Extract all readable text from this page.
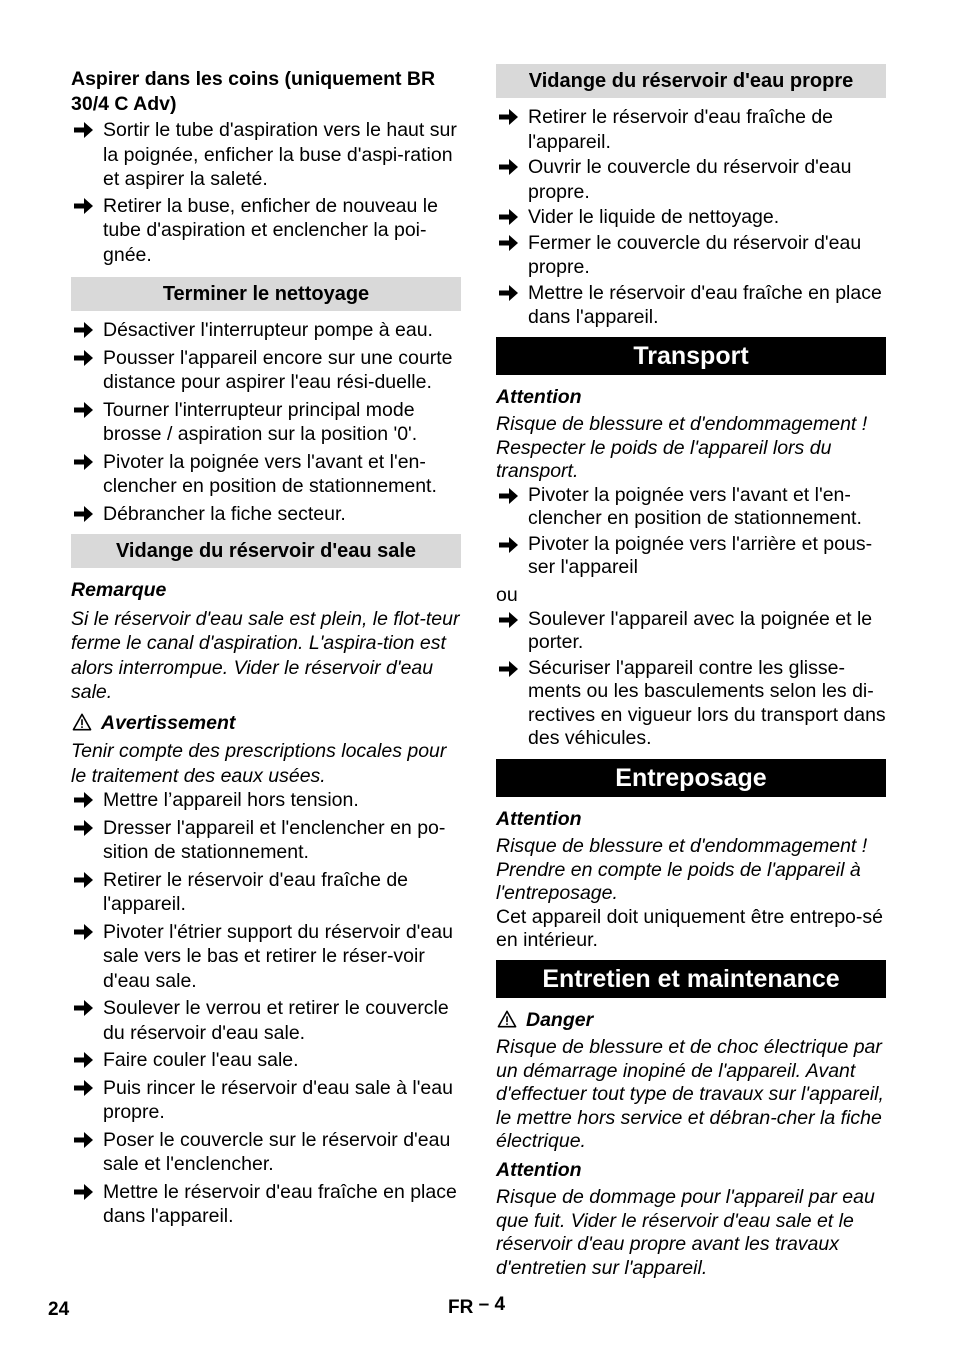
Aspirer dans les coins (uniquement BR 30/4 C Adv)

Sortir le tube d'aspiration vers le haut sur la poignée, enficher la buse d'aspi-ration et aspirer la saleté.
Retirer la buse, enficher de nouveau le tube d'aspiration et enclencher la poi-gnée.
Terminer le nettoyage
Désactiver l'interrupteur pompe à eau.
Pousser l'appareil encore sur une courte distance pour aspirer l'eau rési-duelle.
Tourner l'interrupteur principal mode brosse / aspiration sur la position '0'.
Pivoter la poignée vers l'avant et l'en-clencher en position de stationnement.
Débrancher la fiche secteur.
Vidange du réservoir d'eau sale
Remarque
Si le réservoir d'eau sale est plein, le flot-teur ferme le canal d'aspiration. L'aspira-tion est alors interrompue. Vider le réservoir d'eau sale.
Avertissement
Tenir compte des prescriptions locales pour le traitement des eaux usées.
Mettre l’appareil hors tension.
Dresser l'appareil et l'enclencher en po-sition de stationnement.
Retirer le réservoir d'eau fraîche de l'appareil.
Pivoter l'étrier support du réservoir d'eau sale vers le bas et retirer le réser-voir d'eau sale.
Soulever le verrou et retirer le couvercle du réservoir d'eau sale.
Faire couler l'eau sale.
Puis rincer le réservoir d'eau sale à l'eau propre.
Poser le couvercle sur le réservoir d'eau sale et l'enclencher.
Mettre le réservoir d'eau fraîche en place dans l'appareil.
Vidange du réservoir d'eau propre
Retirer le réservoir d'eau fraîche de l'appareil.
Ouvrir le couvercle du réservoir d'eau propre.
Vider le liquide de nettoyage.
Fermer le couvercle du réservoir d'eau propre.
Mettre le réservoir d'eau fraîche en place dans l'appareil.
Transport
Attention
Risque de blessure et d'endommagement ! Respecter le poids de l'appareil lors du transport.
Pivoter la poignée vers l'avant et l'en-clencher en position de stationnement.
Pivoter la poignée vers l'arrière et pous-ser l'appareil
ou
Soulever l'appareil avec la poignée et le porter.
Sécuriser l'appareil contre les glisse-ments ou les basculements selon les di-rectives en vigueur lors du transport dans des véhicules.
Entreposage
Attention
Risque de blessure et d'endommagement ! Prendre en compte le poids de l'appareil à l'entreposage.
Cet appareil doit uniquement être entrepo-sé en intérieur.
Entretien et maintenance
Danger
Risque de blessure et de choc électrique par un démarrage inopiné de l'appareil. Avant d'effectuer tout type de travaux sur l'appareil, le mettre hors service et débran-cher la fiche électrique.
Attention
Risque de dommage pour l'appareil par eau que fuit. Vider le réservoir d'eau sale et le réservoir d'eau propre avant les travaux d'entretien sur l'appareil.
24	FR – 4
